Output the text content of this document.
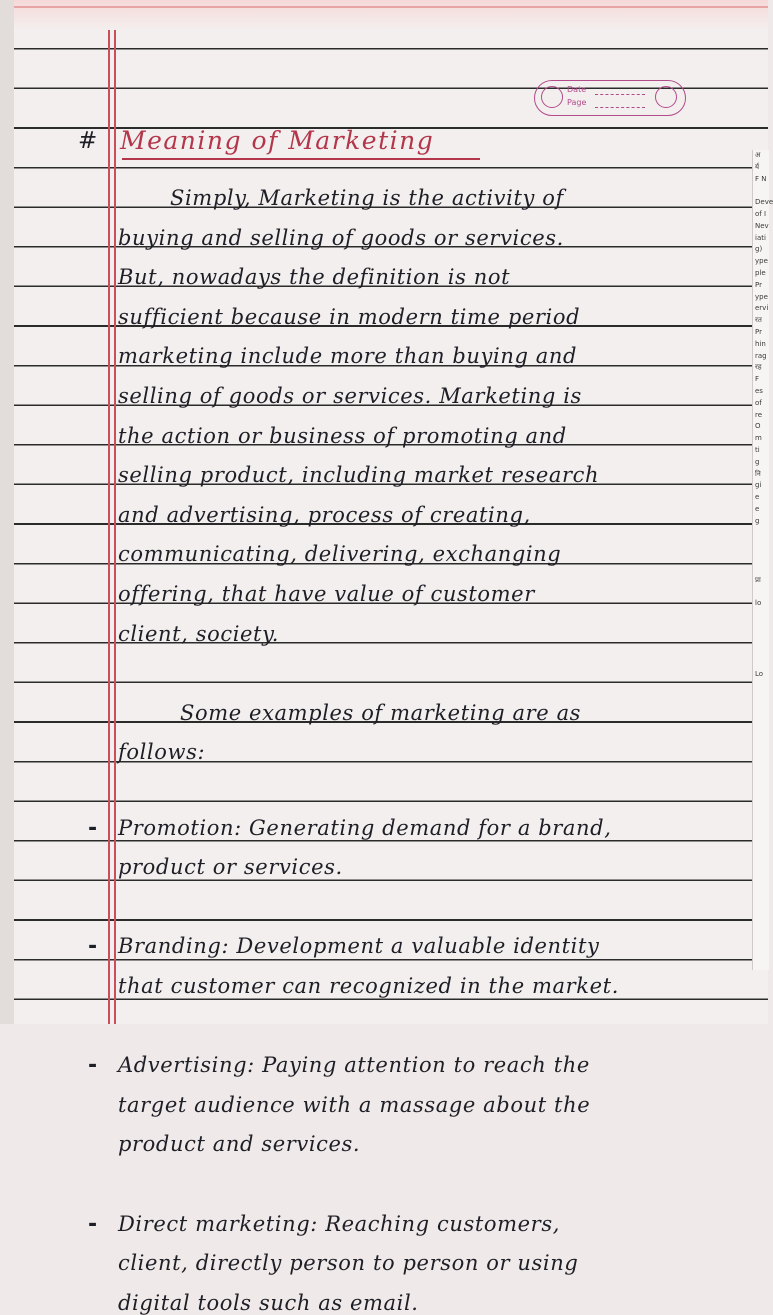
अ
र्य
F N

Deve
of I
Nev
iati
g)
ype
ple
Pr
ype
ervi
रत
Pr
hin
rag
रह
F
es
of
re
O
m
ti
g
नि
gi
e
e
g

प्रा

lo

Lo
Date
Page
# Meaning of Marketing
Simply, Marketing is the activity of
buying and selling of goods or services.
But, nowadays the definition is not
sufficient because in modern time period
marketing include more than buying and
selling of goods or services. Marketing is
the action or business of promoting and
selling product, including market research
and advertising, process of creating,
communicating, delivering, exchanging
offering, that have value of customer
client, society.
Some examples of marketing are as
follows:
- Promotion: Generating demand for a brand,
product or services.
- Branding: Development a valuable identity
that customer can recognized in the market.
- Advertising: Paying attention to reach the
target audience with a massage about the
product and services.
- Direct marketing: Reaching customers,
client, directly person to person or using
digital tools such as email.
